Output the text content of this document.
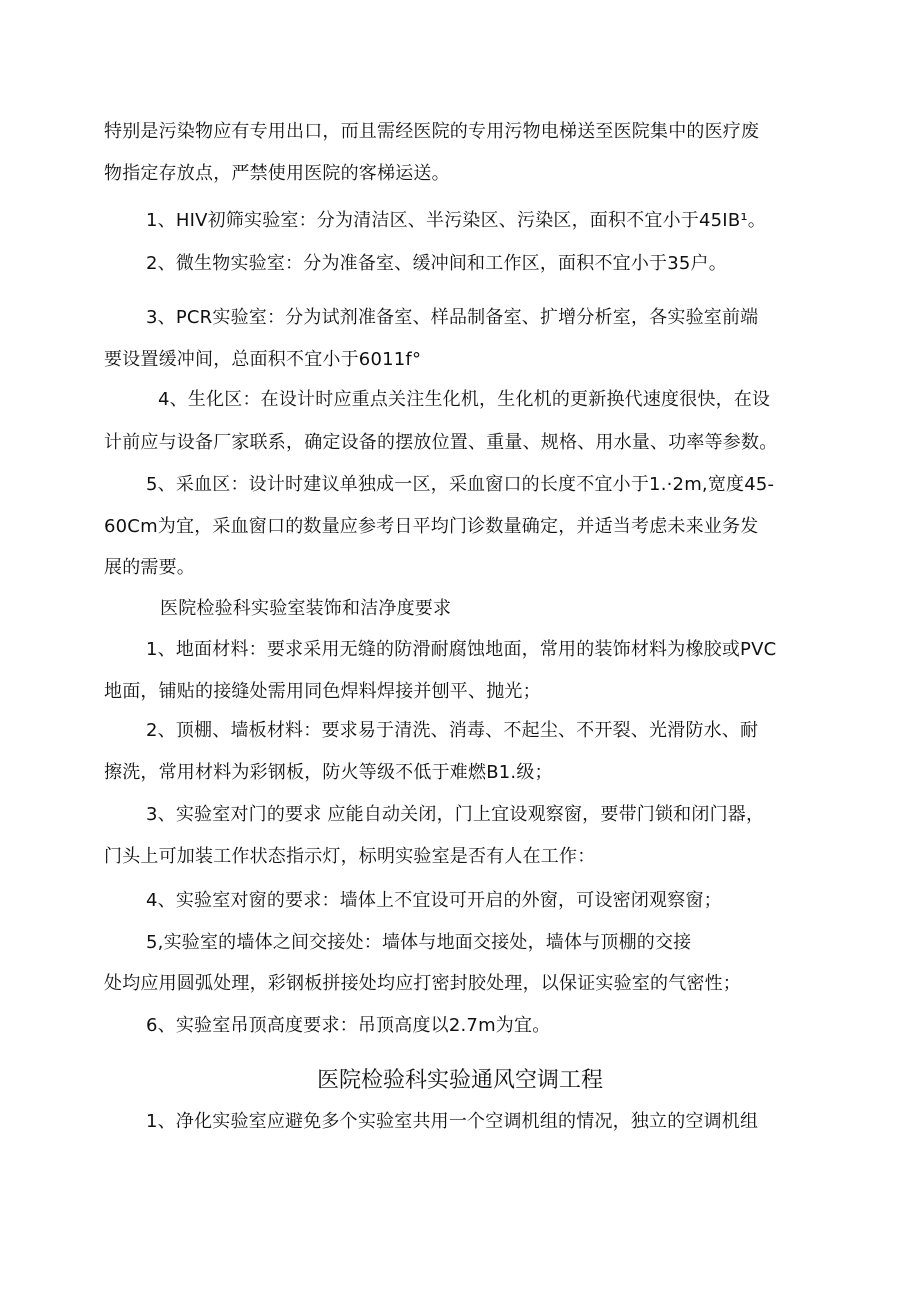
特别是污染物应有专用出口，而且需经医院的专用污物电梯送至医院集中的医疗废
物指定存放点，严禁使用医院的客梯运送。
1、HIV初筛实验室：分为清洁区、半污染区、污染区，面积不宜小于45IB¹。
2、微生物实验室：分为准备室、缓冲间和工作区，面积不宜小于35户。
3、PCR实验室：分为试剂准备室、样品制备室、扩增分析室，各实验室前端
要设置缓冲间，总面积不宜小于6011f°
4、生化区：在设计时应重点关注生化机，生化机的更新换代速度很快，在设
计前应与设备厂家联系，确定设备的摆放位置、重量、规格、用水量、功率等参数。
5、采血区：设计时建议单独成一区，采血窗口的长度不宜小于1.·2m,宽度45-
60Cm为宜，采血窗口的数量应参考日平均门诊数量确定，并适当考虑未来业务发
展的需要。
医院检验科实验室装饰和洁净度要求
1、地面材料：要求采用无缝的防滑耐腐蚀地面，常用的装饰材料为橡胶或PVC
地面，铺贴的接缝处需用同色焊料焊接并刨平、抛光；
2、顶棚、墙板材料：要求易于清洗、消毒、不起尘、不开裂、光滑防水、耐
擦洗，常用材料为彩钢板，防火等级不低于难燃B1.级；
3、实验室对门的要求 应能自动关闭，门上宜设观察窗，要带门锁和闭门器，
门头上可加装工作状态指示灯，标明实验室是否有人在工作：
4、实验室对窗的要求：墙体上不宜设可开启的外窗，可设密闭观察窗；
5,实验室的墙体之间交接处：墙体与地面交接处，墙体与顶棚的交接
处均应用圆弧处理，彩钢板拼接处均应打密封胶处理，以保证实验室的气密性；
6、实验室吊顶高度要求：吊顶高度以2.7m为宜。
医院检验科实验通风空调工程
1、净化实验室应避免多个实验室共用一个空调机组的情况，独立的空调机组
